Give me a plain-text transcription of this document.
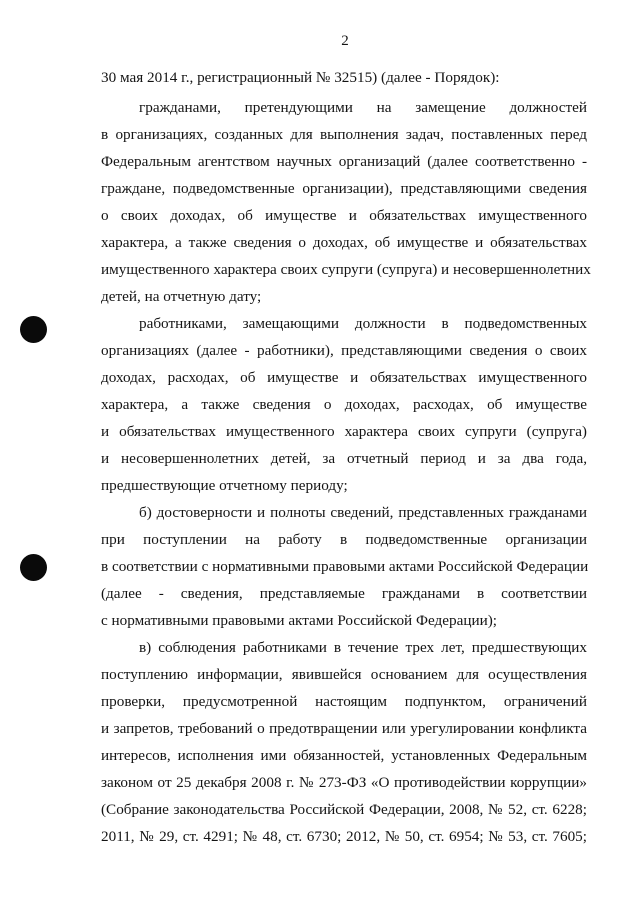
2
30 мая 2014 г., регистрационный № 32515) (далее - Порядок):
гражданами, претендующими на замещение должностей
в организациях, созданных для выполнения задач, поставленных перед
Федеральным агентством научных организаций (далее соответственно -
граждане, подведомственные организации), представляющими сведения
о своих доходах, об имуществе и обязательствах имущественного
характера, а также сведения о доходах, об имуществе и обязательствах
имущественного характера своих супруги (супруга) и несовершеннолетних
детей, на отчетную дату;
работниками, замещающими должности в подведомственных
организациях (далее - работники), представляющими сведения о своих
доходах, расходах, об имуществе и обязательствах имущественного
характера, а также сведения о доходах, расходах, об имуществе
и обязательствах имущественного характера своих супруги (супруга)
и несовершеннолетних детей, за отчетный период и за два года,
предшествующие отчетному периоду;
б) достоверности и полноты сведений, представленных гражданами
при поступлении на работу в подведомственные организации
в соответствии с нормативными правовыми актами Российской Федерации
(далее - сведения, представляемые гражданами в соответствии
с нормативными правовыми актами Российской Федерации);
в) соблюдения работниками в течение трех лет, предшествующих
поступлению информации, явившейся основанием для осуществления
проверки, предусмотренной настоящим подпунктом, ограничений
и запретов, требований о предотвращении или урегулировании конфликта
интересов, исполнения ими обязанностей, установленных Федеральным
законом от 25 декабря 2008 г. № 273-ФЗ «О противодействии коррупции»
(Собрание законодательства Российской Федерации, 2008, № 52, ст. 6228;
2011, № 29, ст. 4291; № 48, ст. 6730; 2012, № 50, ст. 6954; № 53, ст. 7605;
